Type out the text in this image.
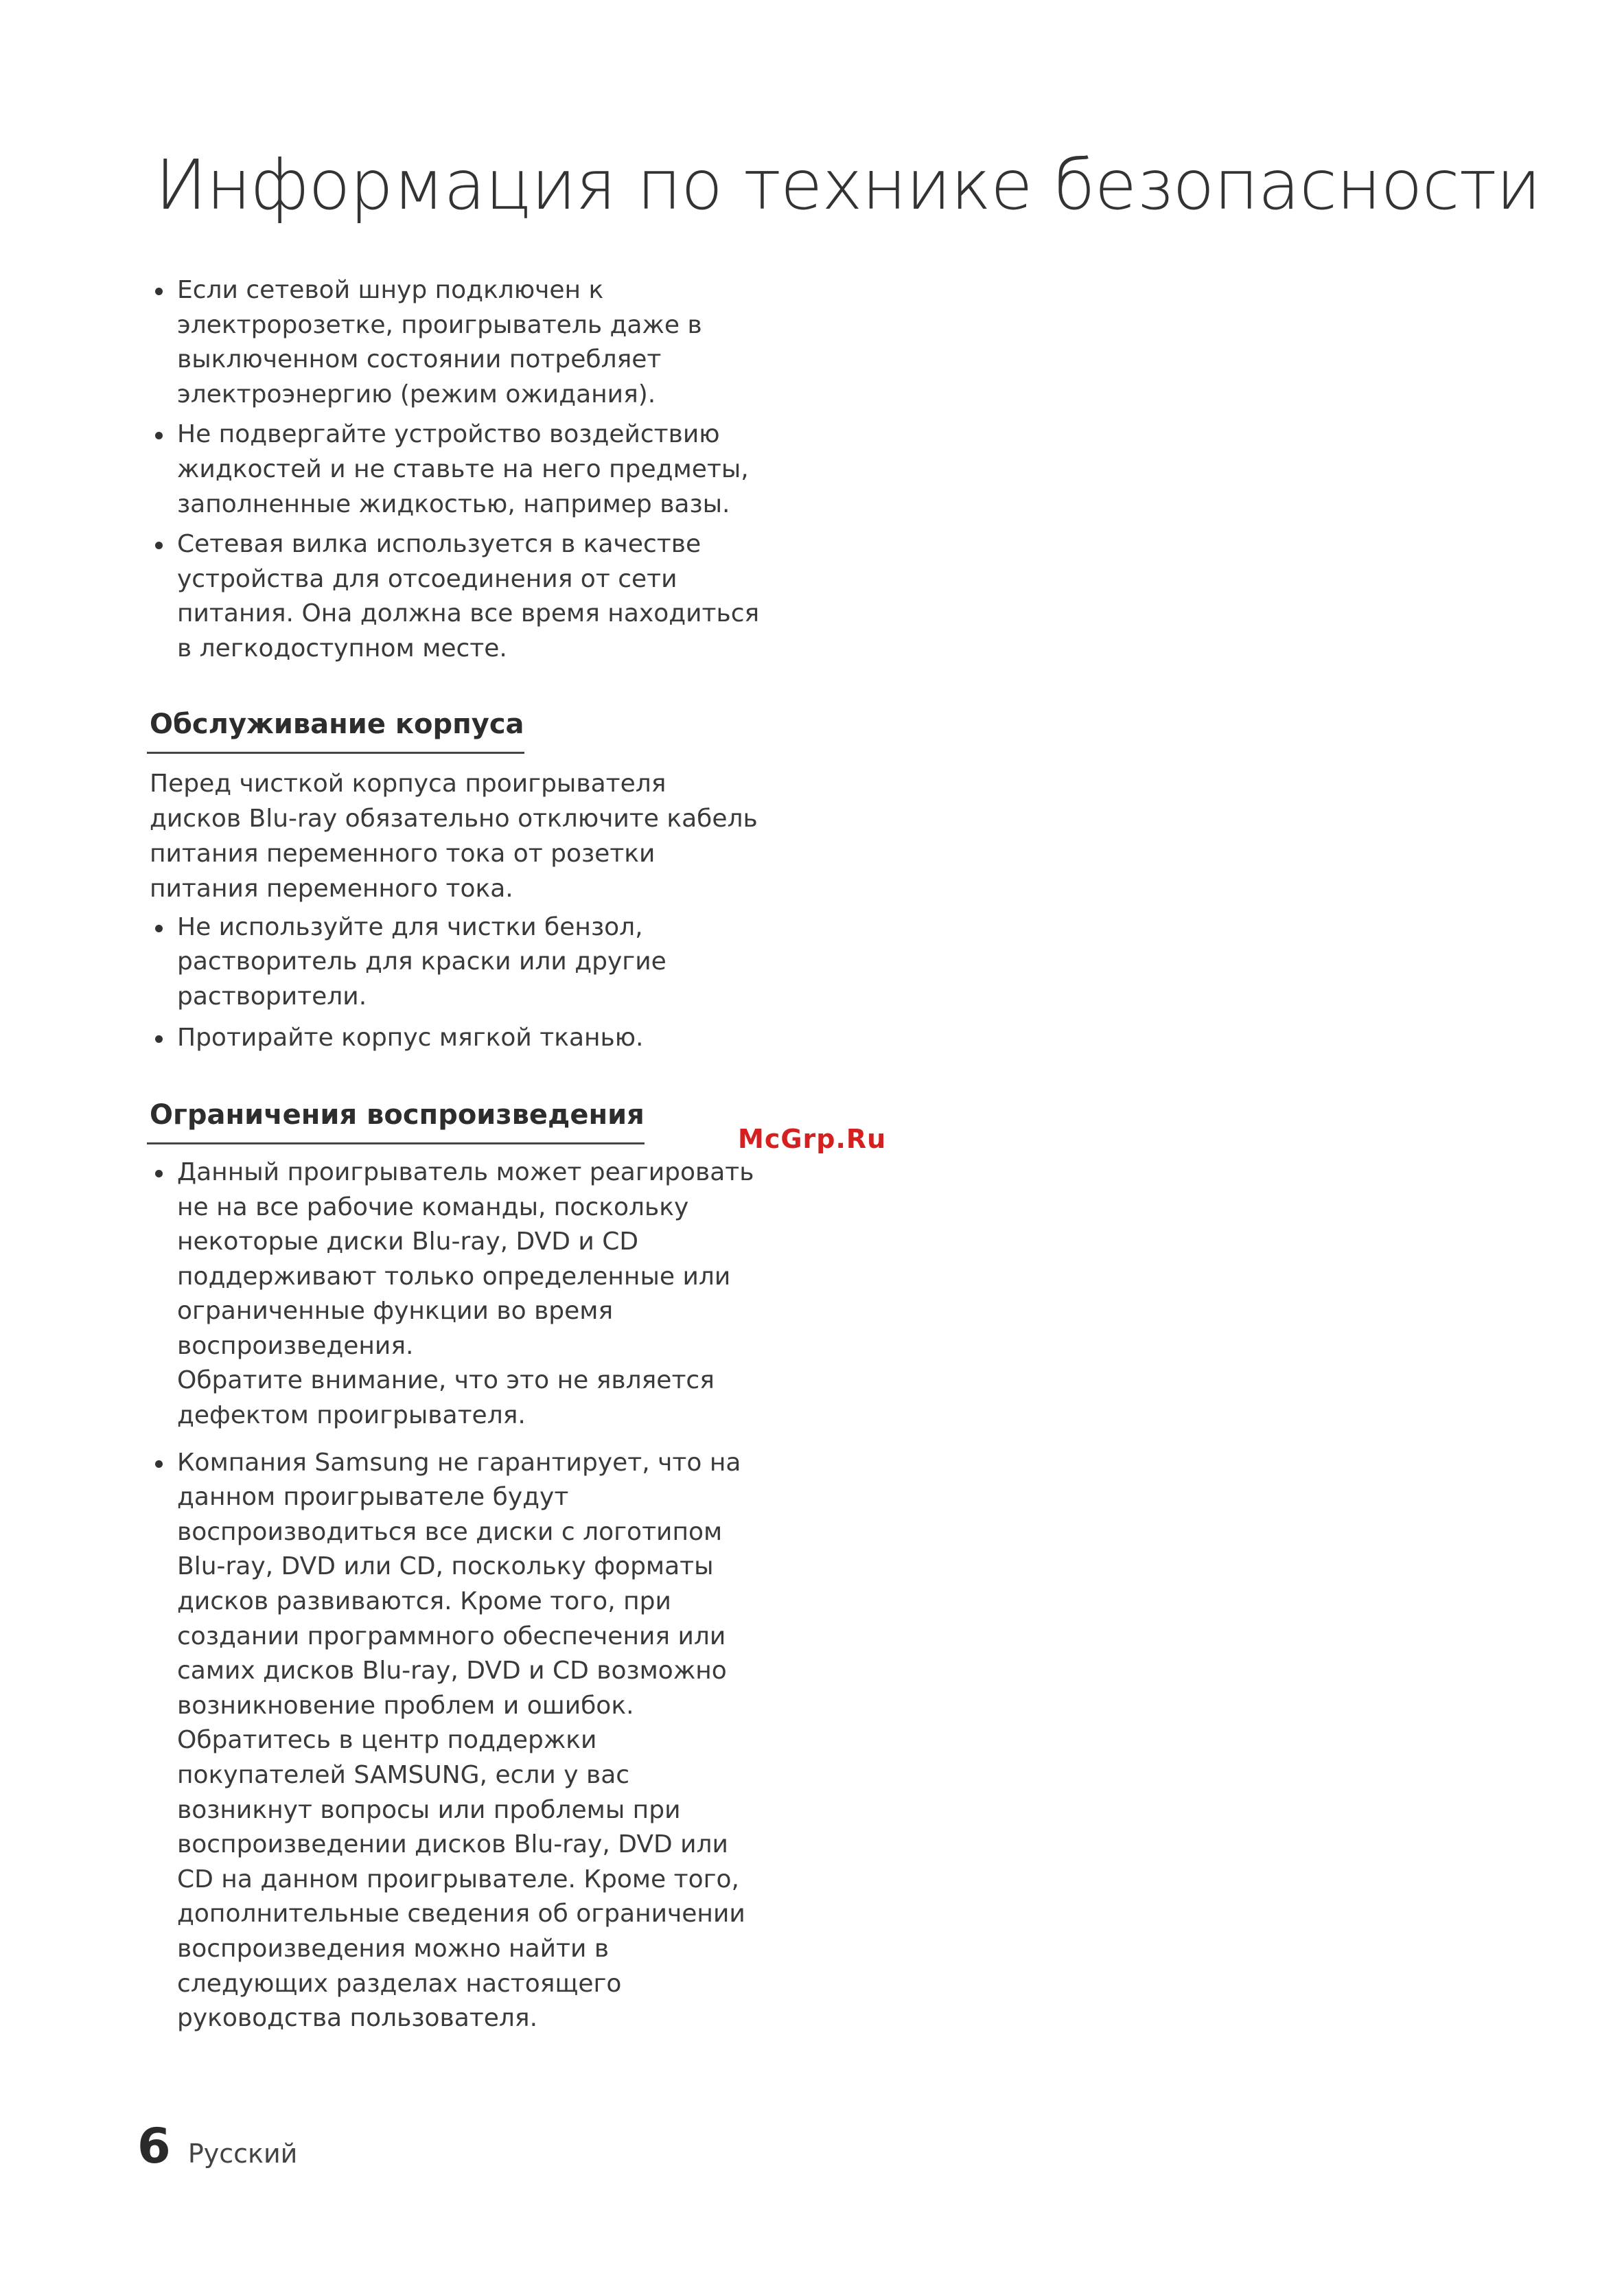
Информация по технике безопасности
Если сетевой шнур подключен к электророзетке, проигрыватель даже в выключенном состоянии потребляет электроэнергию (режим ожидания).
Не подвергайте устройство воздействию жидкостей и не ставьте на него предметы, заполненные жидкостью, например вазы.
Сетевая вилка используется в качестве устройства для отсоединения от сети питания. Она должна все время находиться в легкодоступном месте.
Обслуживание корпуса
Перед чисткой корпуса проигрывателя дисков Blu-ray обязательно отключите кабель питания переменного тока от розетки питания переменного тока.
Не используйте для чистки бензол, растворитель для краски или другие растворители.
Протирайте корпус мягкой тканью.
Ограничения воспроизведения
Данный проигрыватель может реагировать не на все рабочие команды, поскольку некоторые диски Blu-ray, DVD и CD поддерживают только определенные или ограниченные функции во время воспроизведения.
Обратите внимание, что это не является дефектом проигрывателя.
Компания Samsung не гарантирует, что на данном проигрывателе будут воспроизводиться все диски с логотипом Blu-ray, DVD или CD, поскольку форматы дисков развиваются. Кроме того, при создании программного обеспечения или самих дисков Blu-ray, DVD и CD возможно возникновение проблем и ошибок.
Обратитесь в центр поддержки покупателей SAMSUNG, если у вас возникнут вопросы или проблемы при воспроизведении дисков Blu-ray, DVD или CD на данном проигрывателе. Кроме того, дополнительные сведения об ограничении воспроизведения можно найти в следующих разделах настоящего руководства пользователя.
McGrp.Ru
6 Русский
